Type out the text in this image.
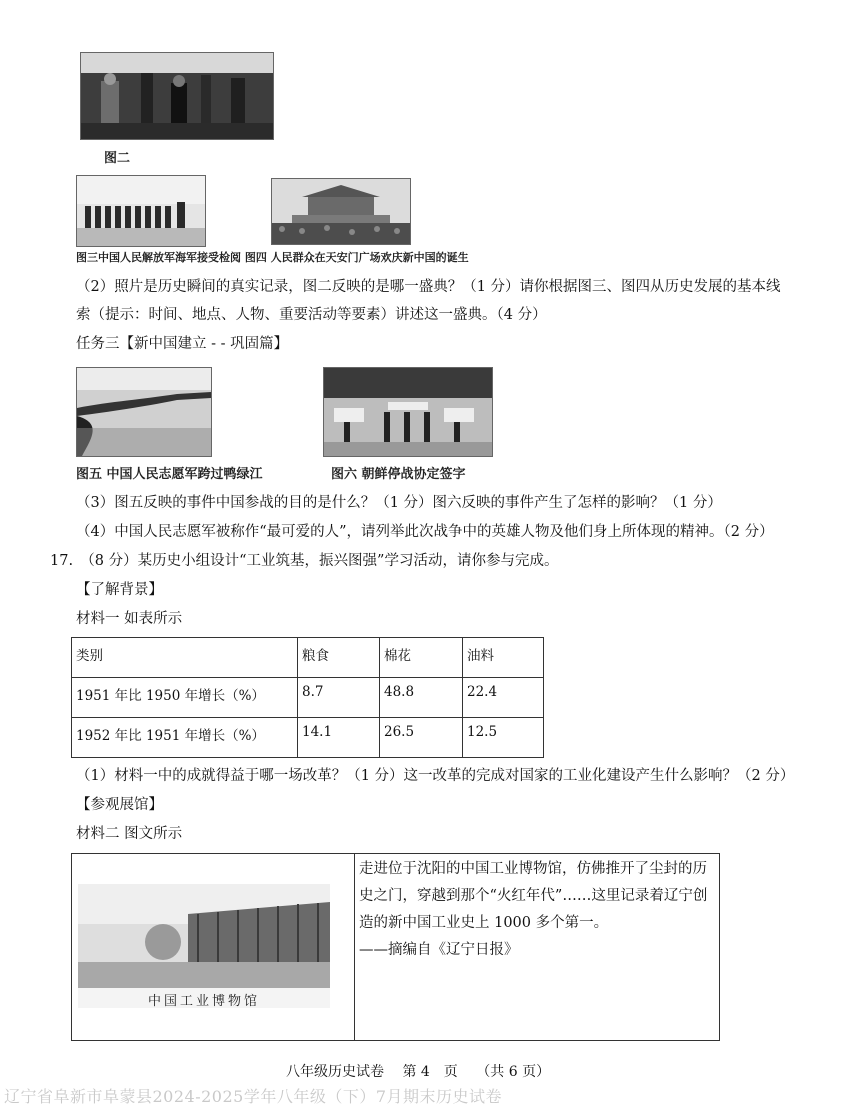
图二
图三中国人民解放军海军接受检阅 图四 人民群众在天安门广场欢庆新中国的诞生
（2）照片是历史瞬间的真实记录，图二反映的是哪一盛典？（1 分）请你根据图三、图四从历史发展的基本线
索（提示：时间、地点、人物、重要活动等要素）讲述这一盛典。（4 分）
任务三【新中国建立 - - 巩固篇】
图五 中国人民志愿军跨过鸭绿江	图六 朝鲜停战协定签字
（3）图五反映的事件中国参战的目的是什么？（1 分）图六反映的事件产生了怎样的影响？（1 分）
（4）中国人民志愿军被称作“最可爱的人”，请列举此次战争中的英雄人物及他们身上所体现的精神。（2 分）
17.　（8 分）某历史小组设计“工业筑基，振兴图强”学习活动，请你参与完成。
【了解背景】
材料一 如表所示
类别	粮食	棉花	油料
1951 年比 1950 年增长（%）	8.7	48.8	22.4
1952 年比 1951 年增长（%）	14.1	26.5	12.5
（1）材料一中的成就得益于哪一场改革？（1 分）这一改革的完成对国家的工业化建设产生什么影响？（2 分）
【参观展馆】
材料二 图文所示
中国工业博物馆
走进位于沈阳的中国工业博物馆，仿佛推开了尘封的历
史之门，穿越到那个“火红年代”……这里记录着辽宁创
造的新中国工业史上 1000 多个第一。
——摘编自《辽宁日报》
八年级历史试卷　 第 4　页　 （共 6 页）
辽宁省阜新市阜蒙县2024-2025学年八年级（下）7月期末历史试卷
